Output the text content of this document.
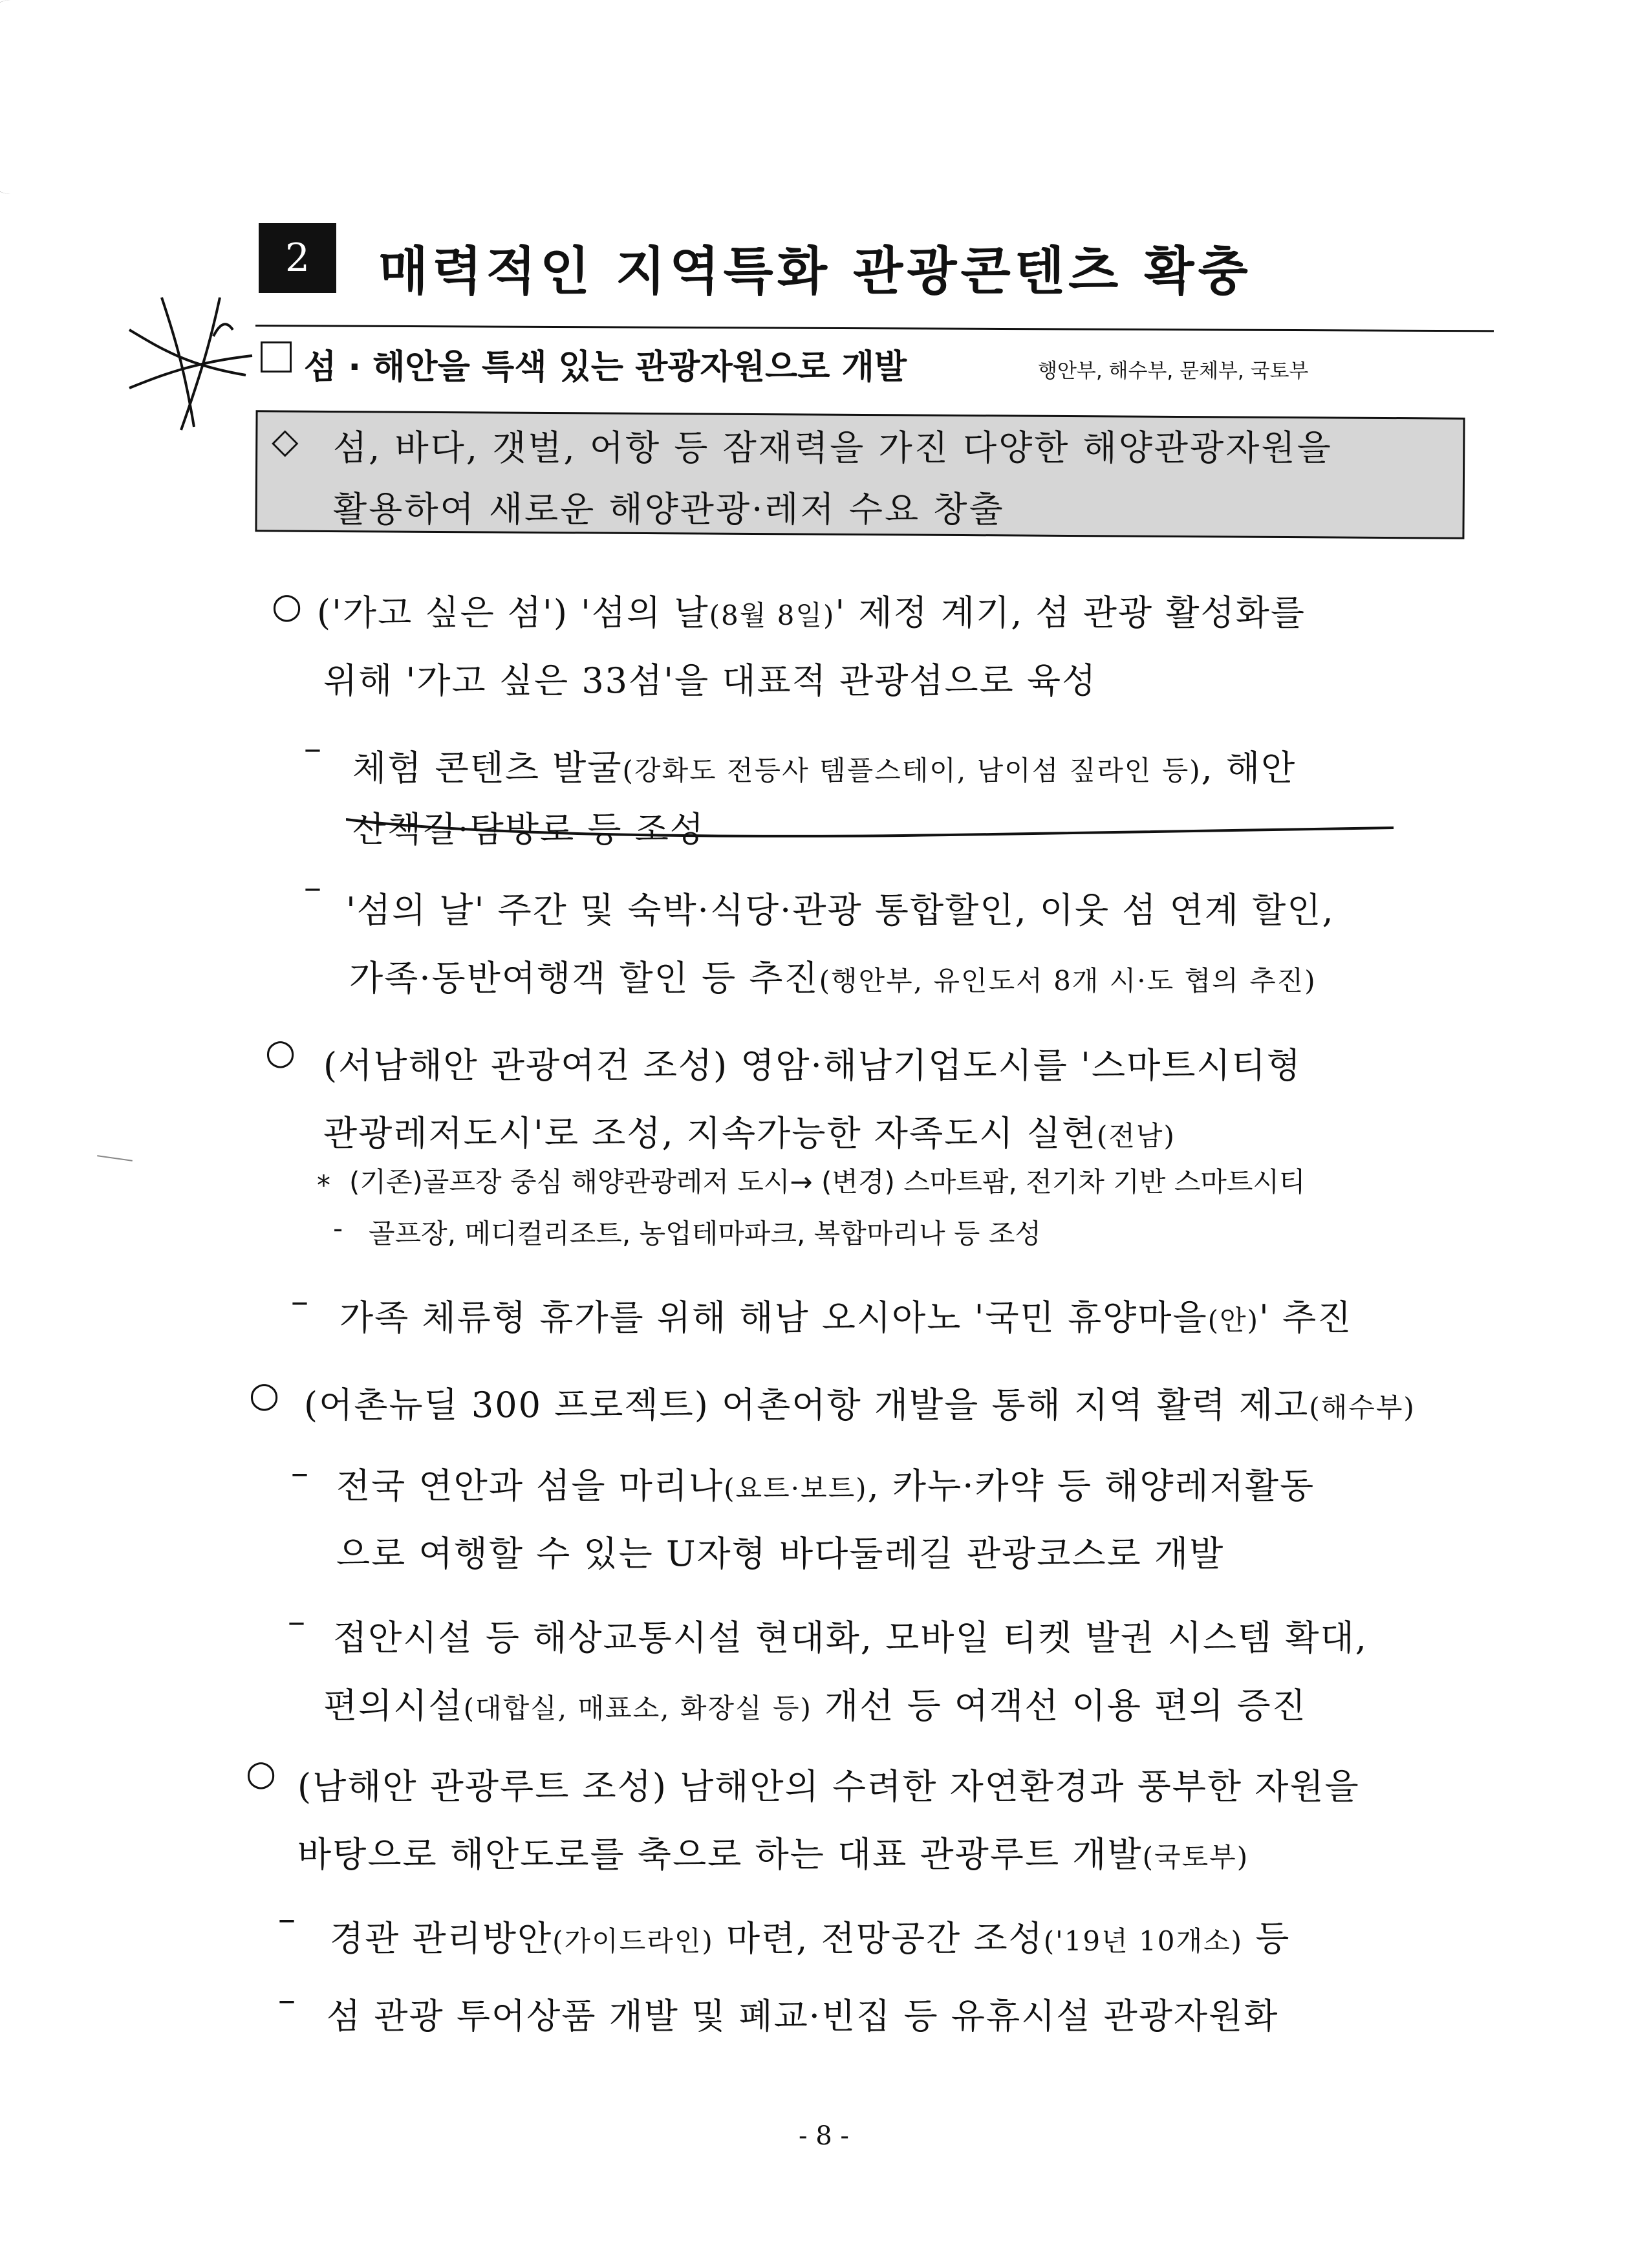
2	매력적인 지역특화 관광콘텐츠 확충
섬 · 해안을 특색 있는 관광자원으로 개발	행안부, 해수부, 문체부, 국토부
◇ 섬, 바다, 갯벌, 어항 등 잠재력을 가진 다양한 해양관광자원을
활용하여 새로운 해양관광·레저 수요 창출
○ ('가고 싶은 섬') '섬의 날(8월 8일)' 제정 계기, 섬 관광 활성화를
위해 '가고 싶은 33섬'을 대표적 관광섬으로 육성
– 체험 콘텐츠 발굴(강화도 전등사 템플스테이, 남이섬 짚라인 등), 해안
산책길·탐방로 등 조성
–
'섬의 날' 주간 및 숙박·식당·관광 통합할인, 이웃 섬 연계 할인,
가족·동반여행객 할인 등 추진(행안부, 유인도서 8개 시·도 협의 추진)
○ (서남해안 관광여건 조성) 영암·해남기업도시를 '스마트시티형
관광레저도시'로 조성, 지속가능한 자족도시 실현(전남)
* (기존)골프장 중심 해양관광레저 도시→ (변경) 스마트팜, 전기차 기반 스마트시티
- 골프장, 메디컬리조트, 농업테마파크, 복합마리나 등 조성
– 가족 체류형 휴가를 위해 해남 오시아노 '국민 휴양마을(안)' 추진
○ (어촌뉴딜 300 프로젝트) 어촌어항 개발을 통해 지역 활력 제고(해수부)
– 전국 연안과 섬을 마리나(요트·보트), 카누·카약 등 해양레저활동
으로 여행할 수 있는 U자형 바다둘레길 관광코스로 개발
– 접안시설 등 해상교통시설 현대화, 모바일 티켓 발권 시스템 확대,
편의시설(대합실, 매표소, 화장실 등) 개선 등 여객선 이용 편의 증진
○ (남해안 관광루트 조성) 남해안의 수려한 자연환경과 풍부한 자원을
바탕으로 해안도로를 축으로 하는 대표 관광루트 개발(국토부)
– 경관 관리방안(가이드라인) 마련, 전망공간 조성('19년 10개소) 등
– 섬 관광 투어상품 개발 및 폐교·빈집 등 유휴시설 관광자원화
- 8 -
